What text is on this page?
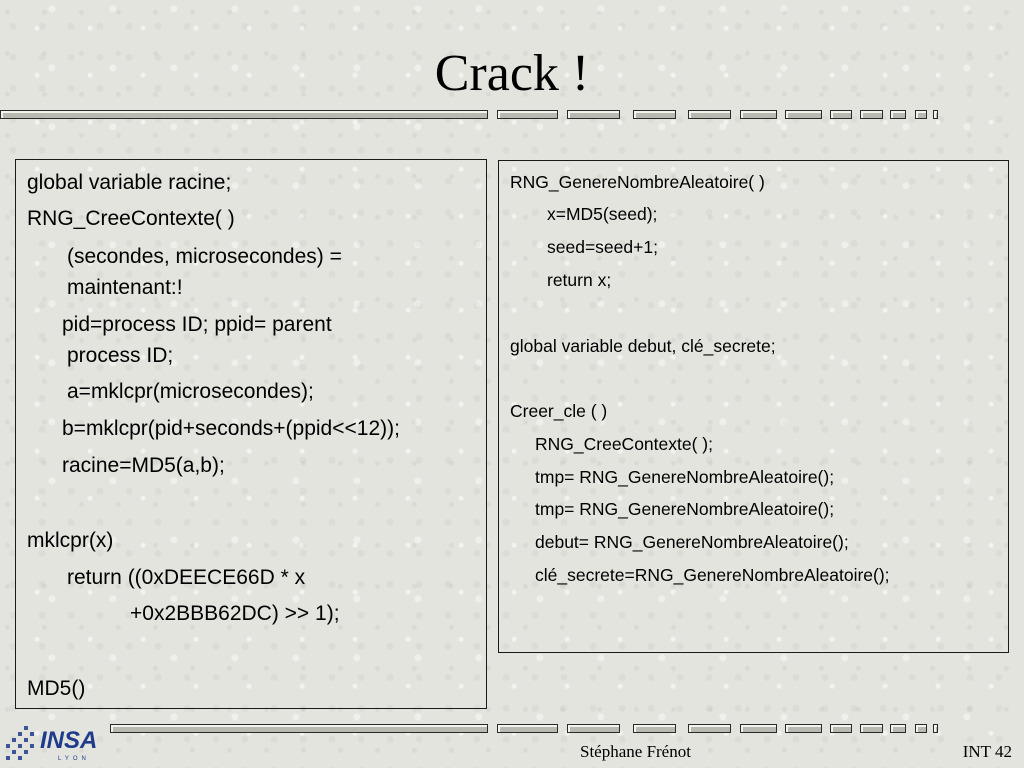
Crack !
global variable racine;
RNG_CreeContexte( )
(secondes, microsecondes) =
maintenant:!
pid=process ID; ppid= parent
process ID;
a=mklcpr(microsecondes);
b=mklcpr(pid+seconds+(ppid<<12));
racine=MD5(a,b);
mklcpr(x)
return ((0xDEECE66D * x
+0x2BBB62DC) >> 1);
MD5()
RNG_GenereNombreAleatoire( )
x=MD5(seed);
seed=seed+1;
return x;
global variable debut, clé_secrete;
Creer_cle ( )
RNG_CreeContexte( );
tmp= RNG_GenereNombreAleatoire();
tmp= RNG_GenereNombreAleatoire();
debut= RNG_GenereNombreAleatoire();
clé_secrete=RNG_GenereNombreAleatoire();
INSA
LYON	Stéphane Frénot	INT 42
